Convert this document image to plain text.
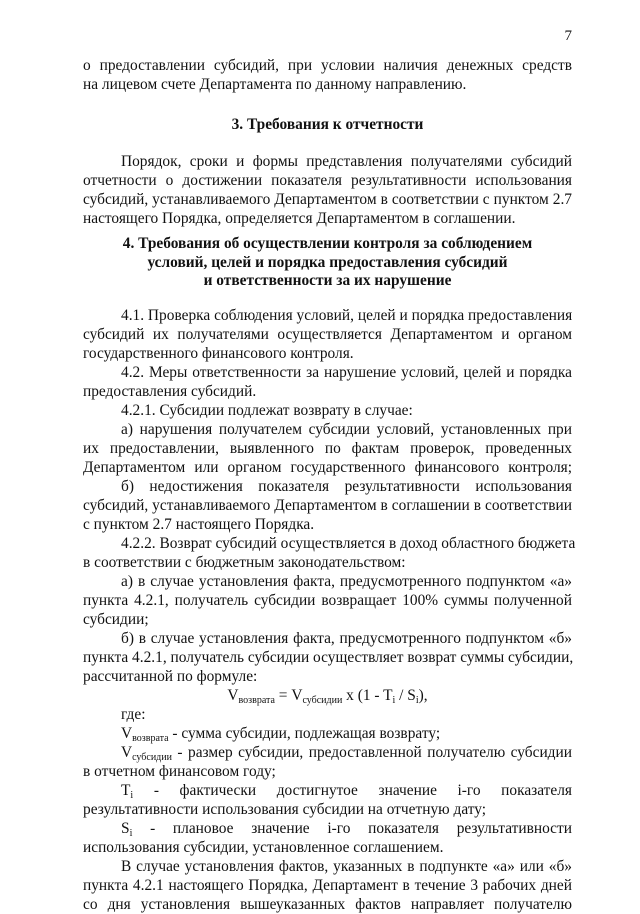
7
о предоставлении субсидий, при условии наличия денежных средств
на лицевом счете Департамента по данному направлению.
3. Требования к отчетности
Порядок, сроки и формы представления получателями субсидий
отчетности о достижении показателя результативности использования
субсидий, устанавливаемого Департаментом в соответствии с пунктом 2.7
настоящего Порядка, определяется Департаментом в соглашении.
4. Требования об осуществлении контроля за соблюдением
условий, целей и порядка предоставления субсидий
и ответственности за их нарушение
4.1. Проверка соблюдения условий, целей и порядка предоставления
субсидий их получателями осуществляется Департаментом и органом
государственного финансового контроля.
4.2. Меры ответственности за нарушение условий, целей и порядка
предоставления субсидий.
4.2.1. Субсидии подлежат возврату в случае:
а) нарушения получателем субсидии условий, установленных при
их предоставлении, выявленного по фактам проверок, проведенных
Департаментом или органом государственного финансового контроля;
б) недостижения показателя результативности использования
субсидий, устанавливаемого Департаментом в соглашении в соответствии
с пунктом 2.7 настоящего Порядка.
4.2.2. Возврат субсидий осуществляется в доход областного бюджета
в соответствии с бюджетным законодательством:
а) в случае установления факта, предусмотренного подпунктом «а»
пункта 4.2.1, получатель субсидии возвращает 100% суммы полученной
субсидии;
б) в случае установления факта, предусмотренного подпунктом «б»
пункта 4.2.1, получатель субсидии осуществляет возврат суммы субсидии,
рассчитанной по формуле:
$V_{возврата} = V_{субсидии}$ x $(1 - T_i / S_i)$,
где:
$V_{возврата}$ - сумма субсидии, подлежащая возврату;
$V_{субсидии}$ - размер субсидии, предоставленной получателю субсидии
в отчетном финансовом году;
$T_i$ - фактически достигнутое значение i-го показателя
результативности использования субсидии на отчетную дату;
$S_i$ - плановое значение i-го показателя результативности
использования субсидии, установленное соглашением.
В случае установления фактов, указанных в подпункте «а» или «б»
пункта 4.2.1 настоящего Порядка, Департамент в течение 3 рабочих дней
со дня установления вышеуказанных фактов направляет получателю
